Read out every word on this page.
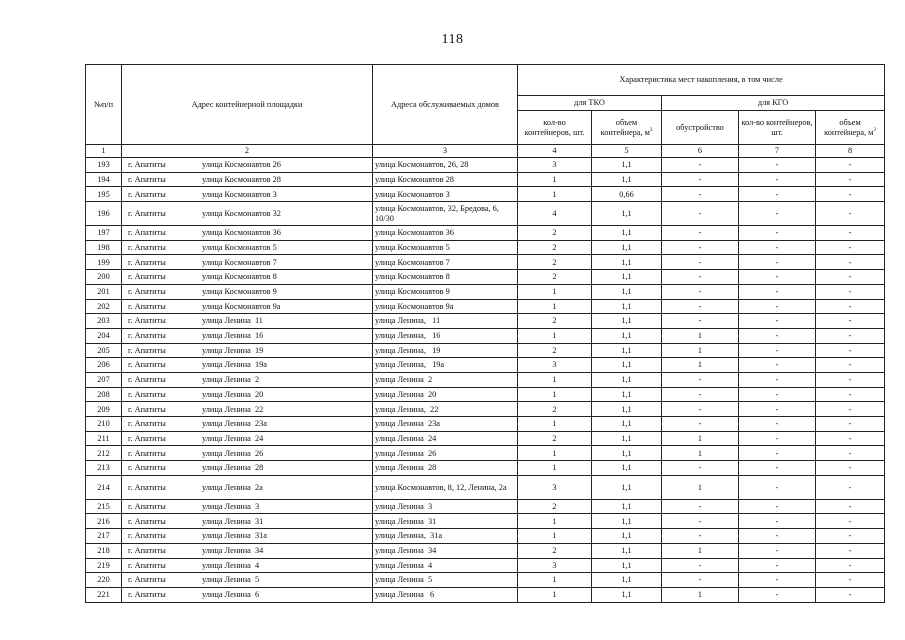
118
№п/п	Адрес контейнерной площадки	Адреса обслуживаемых домов	Характеристика мест накопления, в том числе				
			для ТКО		для КГО		
			кол-во контейнеров, шт.	объем контейнера, $м^3$	обустройство	кол-во контейнеров, шт.	объем контейнера, $м^3$
1	2	3	4	5	6	7	8
193	г. Апатиты улица Космонавтов 26	улица Космонавтов, 26, 28	3	1,1	-	-	-
194	г. Апатиты улица Космонавтов 28	улица Космонавтов 28	1	1,1	-	-	-
195	г. Апатиты улица Космонавтов 3	улица Космонавтов 3	1	0,66	-	-	-
196	г. Апатиты улица Космонавтов 32	улица Космонавтов, 32, Бредова, 6, 10/30	4	1,1	-	-	-
197	г. Апатиты улица Космонавтов 36	улица Космонавтов 36	2	1,1	-	-	-
198	г. Апатиты улица Космонавтов 5	улица Космонавтов 5	2	1,1	-	-	-
199	г. Апатиты улица Космонавтов 7	улица Космонавтов 7	2	1,1	-	-	-
200	г. Апатиты улица Космонавтов 8	улица Космонавтов 8	2	1,1	-	-	-
201	г. Апатиты улица Космонавтов 9	улица Космонавтов 9	1	1,1	-	-	-
202	г. Апатиты улица Космонавтов 9а	улица Космонавтов 9а	1	1,1	-	-	-
203	г. Апатиты улица Ленина  11	улица Ленина,   11	2	1,1	-	-	-
204	г. Апатиты улица Ленина  16	улица Ленина,   16	1	1,1	1	-	-
205	г. Апатиты улица Ленина  19	улица Ленина,   19	2	1,1	1	-	-
206	г. Апатиты улица Ленина  19а	улица Ленина,   19а	3	1,1	1	-	-
207	г. Апатиты улица Ленина  2	улица Ленина  2	1	1,1	-	-	-
208	г. Апатиты улица Ленина  20	улица Ленина  20	1	1,1	-	-	-
209	г. Апатиты улица Ленина  22	улица Ленина,  22	2	1,1	-	-	-
210	г. Апатиты улица Ленина  23а	улица Ленина  23а	1	1,1	-	-	-
211	г. Апатиты улица Ленина  24	улица Ленина  24	2	1,1	1	-	-
212	г. Апатиты улица Ленина  26	улица Ленина  26	1	1,1	1	-	-
213	г. Апатиты улица Ленина  28	улица Ленина  28	1	1,1	-	-	-
214	г. Апатиты улица Ленина  2а	улица Космонавтов, 8, 12, Ленина, 2а	3	1,1	1	-	-
215	г. Апатиты улица Ленина  3	улица Ленина  3	2	1,1	-	-	-
216	г. Апатиты улица Ленина  31	улица Ленина  31	1	1,1	-	-	-
217	г. Апатиты улица Ленина  31а	улица Ленина,  31а	1	1,1	-	-	-
218	г. Апатиты улица Ленина  34	улица Ленина  34	2	1,1	1	-	-
219	г. Апатиты улица Ленина  4	улица Ленина  4	3	1,1	-	-	-
220	г. Апатиты улица Ленина  5	улица Ленина  5	1	1,1	-	-	-
221	г. Апатиты улица Ленина  6	улица Ленина   6	1	1,1	1	-	-
